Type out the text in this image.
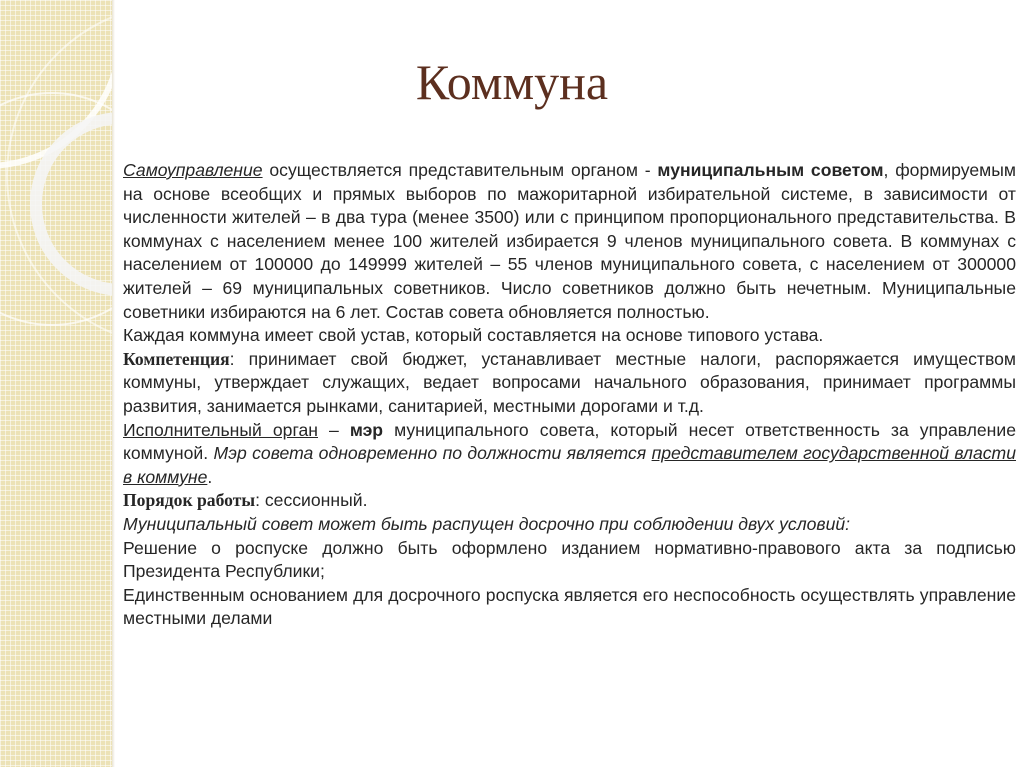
Коммуна

Самоуправление осуществляется представительным органом - муниципальным советом, формируемым на основе всеобщих и прямых выборов по мажоритарной избирательной системе, в зависимости от численности жителей – в два тура (менее 3500) или с принципом пропорционального представительства. В коммунах с населением менее 100 жителей избирается 9 членов муниципального совета. В коммунах с населением от 100000 до 149999 жителей – 55 членов муниципального совета, с населением от 300000 жителей – 69 муниципальных советников. Число советников должно быть нечетным. Муниципальные советники избираются на 6 лет. Состав совета обновляется полностью.

Каждая коммуна имеет свой устав, который составляется на основе типового устава.

Компетенция: принимает свой бюджет, устанавливает местные налоги, распоряжается имуществом коммуны, утверждает служащих, ведает вопросами начального образования, принимает программы развития, занимается рынками, санитарией, местными дорогами и т.д.

Исполнительный орган – мэр муниципального совета, который несет ответственность за управление коммуной. Мэр совета одновременно по должности является представителем государственной власти в коммуне.

Порядок работы: сессионный.

Муниципальный совет может быть распущен досрочно при соблюдении двух условий:

Решение о роспуске должно быть оформлено изданием нормативно-правового акта за подписью Президента Республики;

Единственным основанием для досрочного роспуска является его неспособность осуществлять управление местными делами
